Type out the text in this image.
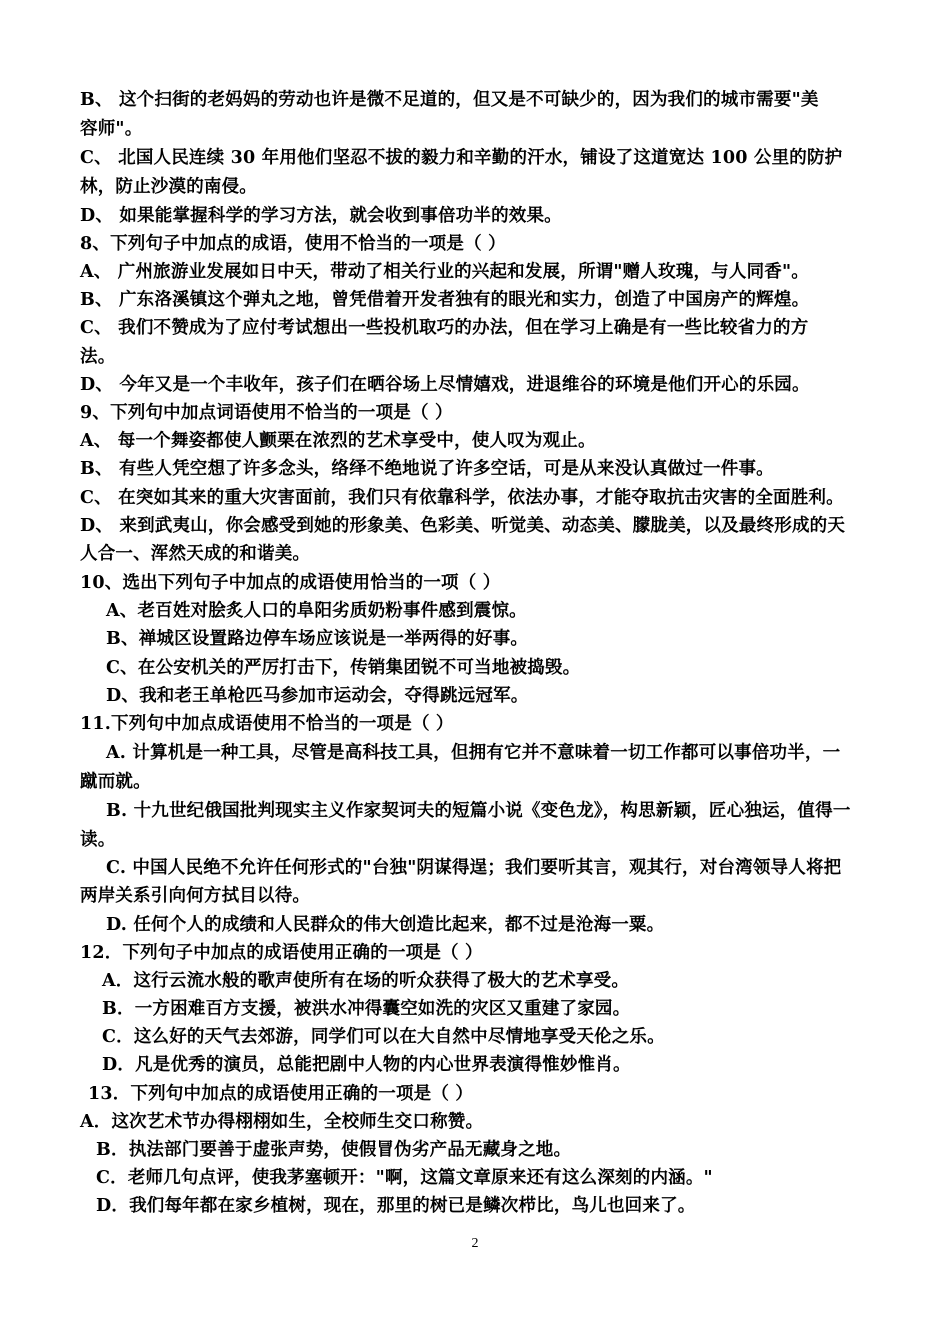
B、 这个扫街的老妈妈的劳动也许是微不足道的，但又是不可缺少的，因为我们的城市需要"美
容师"。
C、 北国人民连续 30 年用他们坚忍不拔的毅力和辛勤的汗水，铺设了这道宽达 100 公里的防护
林，防止沙漠的南侵。
D、 如果能掌握科学的学习方法，就会收到事倍功半的效果。
8、下列句子中加点的成语，使用不恰当的一项是（ ）
A、 广州旅游业发展如日中天，带动了相关行业的兴起和发展，所谓"赠人玫瑰，与人同香"。
B、 广东洛溪镇这个弹丸之地，曾凭借着开发者独有的眼光和实力，创造了中国房产的辉煌。
C、 我们不赞成为了应付考试想出一些投机取巧的办法，但在学习上确是有一些比较省力的方
法。
D、 今年又是一个丰收年，孩子们在晒谷场上尽情嬉戏，进退维谷的环境是他们开心的乐园。
9、下列句中加点词语使用不恰当的一项是（ ）
A、 每一个舞姿都使人颤栗在浓烈的艺术享受中，使人叹为观止。
B、 有些人凭空想了许多念头，络绎不绝地说了许多空话，可是从来没认真做过一件事。
C、 在突如其来的重大灾害面前，我们只有依靠科学，依法办事，才能夺取抗击灾害的全面胜利。
D、 来到武夷山，你会感受到她的形象美、色彩美、听觉美、动态美、朦胧美，以及最终形成的天
人合一、浑然天成的和谐美。
10、选出下列句子中加点的成语使用恰当的一项（ ）
A、老百姓对脍炙人口的阜阳劣质奶粉事件感到震惊。
B、禅城区设置路边停车场应该说是一举两得的好事。
C、在公安机关的严厉打击下，传销集团锐不可当地被捣毁。
D、我和老王单枪匹马参加市运动会，夺得跳远冠军。
11.下列句中加点成语使用不恰当的一项是（ ）
A. 计算机是一种工具，尽管是高科技工具，但拥有它并不意味着一切工作都可以事倍功半，一
蹴而就。
B. 十九世纪俄国批判现实主义作家契诃夫的短篇小说《变色龙》，构思新颖，匠心独运，值得一
读。
C. 中国人民绝不允许任何形式的"台独"阴谋得逞；我们要听其言，观其行，对台湾领导人将把
两岸关系引向何方拭目以待。
D. 任何个人的成绩和人民群众的伟大创造比起来，都不过是沧海一粟。
12．下列句子中加点的成语使用正确的一项是（ ）
A．这行云流水般的歌声使所有在场的听众获得了极大的艺术享受。
B．一方困难百方支援，被洪水冲得囊空如洗的灾区又重建了家园。
C．这么好的天气去郊游，同学们可以在大自然中尽情地享受天伦之乐。
D．凡是优秀的演员，总能把剧中人物的内心世界表演得惟妙惟肖。
13．下列句中加点的成语使用正确的一项是（ ）
A．这次艺术节办得栩栩如生，全校师生交口称赞。
B．执法部门要善于虚张声势，使假冒伪劣产品无藏身之地。
C．老师几句点评，使我茅塞顿开："啊，这篇文章原来还有这么深刻的内涵。"
D．我们每年都在家乡植树，现在，那里的树已是鳞次栉比，鸟儿也回来了。
2
